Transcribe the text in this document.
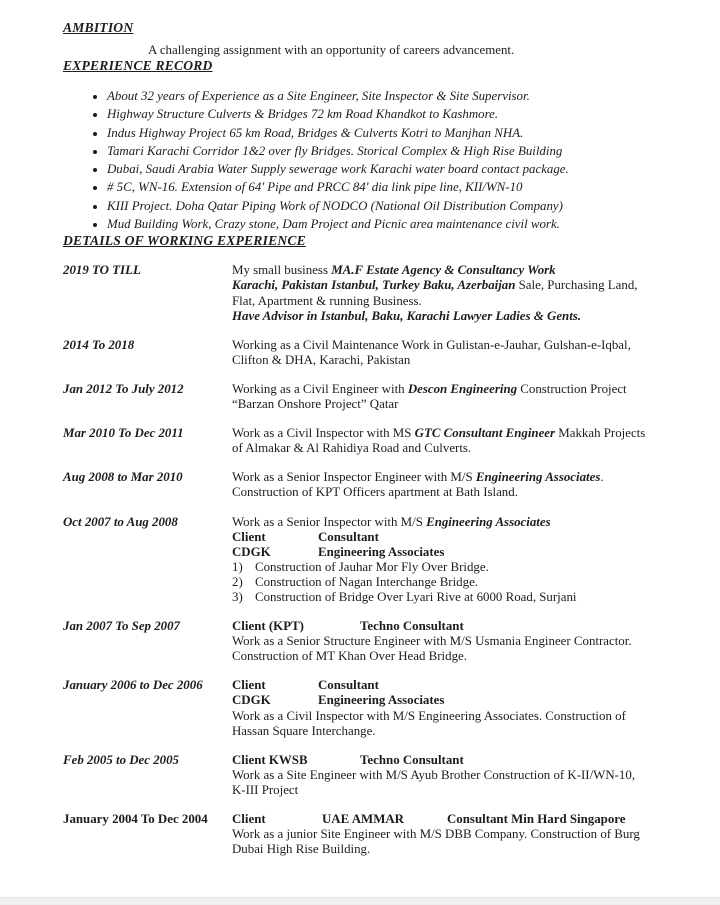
AMBITION

A challenging assignment with an opportunity of careers advancement.

EXPERIENCE RECORD
• About 32 years of Experience as a Site Engineer, Site Inspector & Site Supervisor.
• Highway Structure Culverts & Bridges 72 km Road Khandkot to Kashmore.
• Indus Highway Project 65 km Road, Bridges & Culverts Kotri to Manjhan NHA.
• Tamari Karachi Corridor 1&2 over fly Bridges. Storical Complex & High Rise Building
• Dubai, Saudi Arabia Water Supply sewerage work Karachi water board contact package.
• # 5C, WN-16. Extension of 64' Pipe and PRCC 84' dia link pipe line, KII/WN-10
• KIII Project. Doha Qatar Piping Work of NODCO (National Oil Distribution Company)
• Mud Building Work, Crazy stone, Dam Project and Picnic area maintenance civil work.
DETAILS OF WORKING EXPERIENCE
2019 TO TILL	My small business MA.F Estate Agency & Consultancy Work
Karachi, Pakistan Istanbul, Turkey Baku, Azerbaijan Sale, Purchasing Land,
Flat, Apartment & running Business.
Have Advisor in Istanbul, Baku, Karachi Lawyer Ladies & Gents.
2014 To 2018	Working as a Civil Maintenance Work in Gulistan-e-Jauhar, Gulshan-e-Iqbal,
Clifton & DHA, Karachi, Pakistan
Jan 2012 To July 2012	Working as a Civil Engineer with Descon Engineering Construction Project
“Barzan Onshore Project” Qatar
Mar 2010 To Dec 2011	Work as a Civil Inspector with MS GTC Consultant Engineer Makkah Projects
of Almakar & Al Rahidiya Road and Culverts.
Aug 2008 to Mar 2010	Work as a Senior Inspector Engineer with M/S Engineering Associates.
Construction of KPT Officers apartment at Bath Island.
Oct 2007 to Aug 2008	Work as a Senior Inspector with M/S Engineering Associates
Client	Consultant
CDGK	Engineering Associates
1) Construction of Jauhar Mor Fly Over Bridge.
2) Construction of Nagan Interchange Bridge.
3) Construction of Bridge Over Lyari Rive at 6000 Road, Surjani
Jan 2007 To Sep 2007	Client (KPT)	Techno Consultant
Work as a Senior Structure Engineer with M/S Usmania Engineer Contractor.
Construction of MT Khan Over Head Bridge.
January 2006 to Dec 2006	Client	Consultant
CDGK	Engineering Associates
Work as a Civil Inspector with M/S Engineering Associates. Construction of
Hassan Square Interchange.
Feb 2005 to Dec 2005	Client KWSB	Techno Consultant
Work as a Site Engineer with M/S Ayub Brother Construction of K-II/WN-10,
K-III Project
January 2004 To Dec 2004	Client	UAE AMMAR	Consultant Min Hard Singapore
Work as a junior Site Engineer with M/S DBB Company. Construction of Burg
Dubai High Rise Building.
